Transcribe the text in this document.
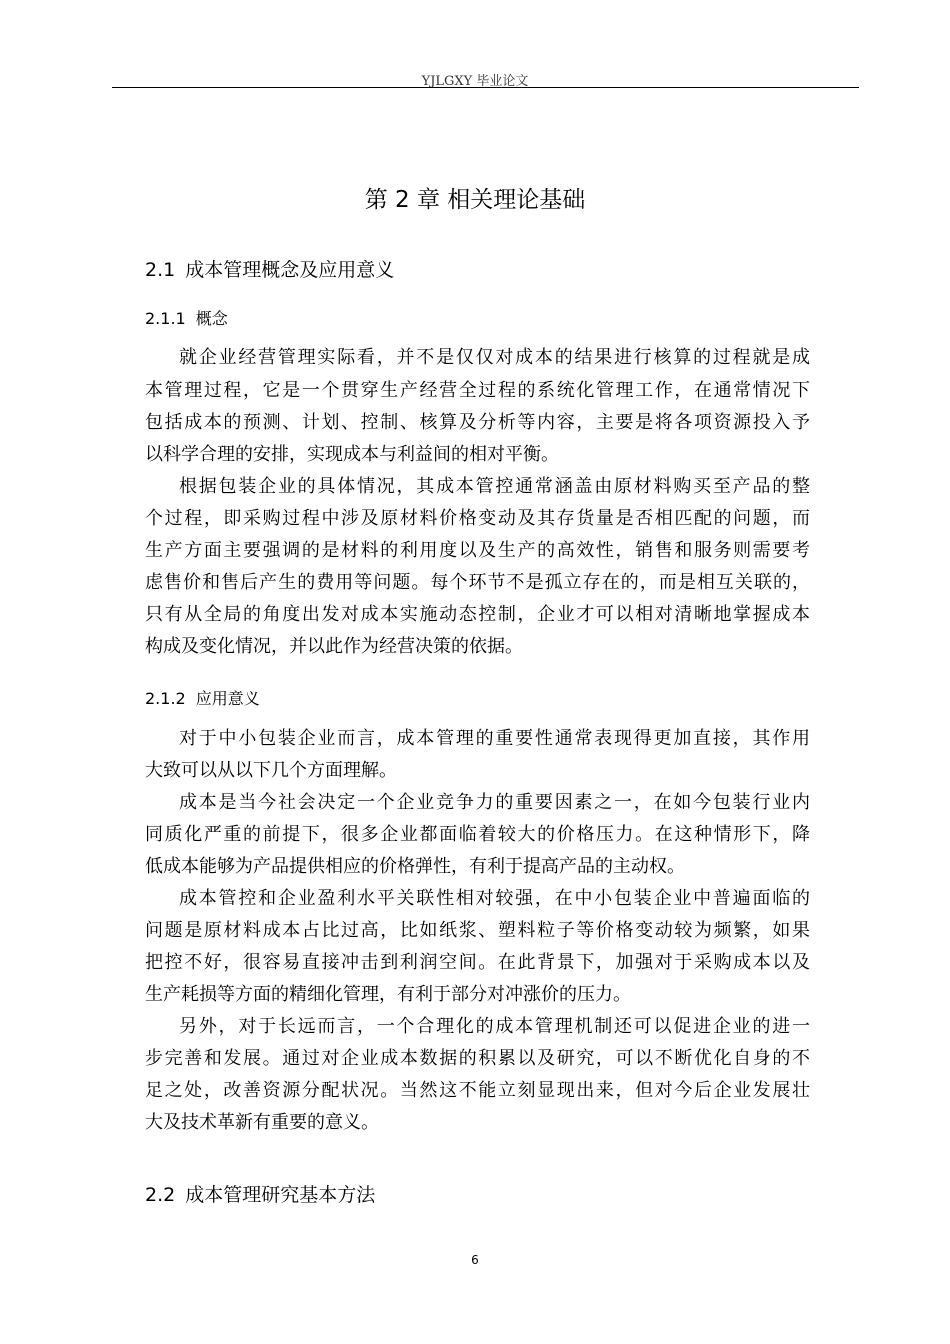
YJLGXY 毕业论文
第 2 章 相关理论基础
2.1 成本管理概念及应用意义
2.1.1 概念
就企业经营管理实际看，并不是仅仅对成本的结果进行核算的过程就是成
本管理过程，它是一个贯穿生产经营全过程的系统化管理工作，在通常情况下
包括成本的预测、计划、控制、核算及分析等内容，主要是将各项资源投入予
以科学合理的安排，实现成本与利益间的相对平衡。
根据包装企业的具体情况，其成本管控通常涵盖由原材料购买至产品的整
个过程，即采购过程中涉及原材料价格变动及其存货量是否相匹配的问题，而
生产方面主要强调的是材料的利用度以及生产的高效性，销售和服务则需要考
虑售价和售后产生的费用等问题。每个环节不是孤立存在的，而是相互关联的，
只有从全局的角度出发对成本实施动态控制，企业才可以相对清晰地掌握成本
构成及变化情况，并以此作为经营决策的依据。
2.1.2 应用意义
对于中小包装企业而言，成本管理的重要性通常表现得更加直接，其作用
大致可以从以下几个方面理解。
成本是当今社会决定一个企业竞争力的重要因素之一，在如今包装行业内
同质化严重的前提下，很多企业都面临着较大的价格压力。在这种情形下，降
低成本能够为产品提供相应的价格弹性，有利于提高产品的主动权。
成本管控和企业盈利水平关联性相对较强，在中小包装企业中普遍面临的
问题是原材料成本占比过高，比如纸浆、塑料粒子等价格变动较为频繁，如果
把控不好，很容易直接冲击到利润空间。在此背景下，加强对于采购成本以及
生产耗损等方面的精细化管理，有利于部分对冲涨价的压力。
另外，对于长远而言，一个合理化的成本管理机制还可以促进企业的进一
步完善和发展。通过对企业成本数据的积累以及研究，可以不断优化自身的不
足之处，改善资源分配状况。当然这不能立刻显现出来，但对今后企业发展壮
大及技术革新有重要的意义。
2.2 成本管理研究基本方法
6
